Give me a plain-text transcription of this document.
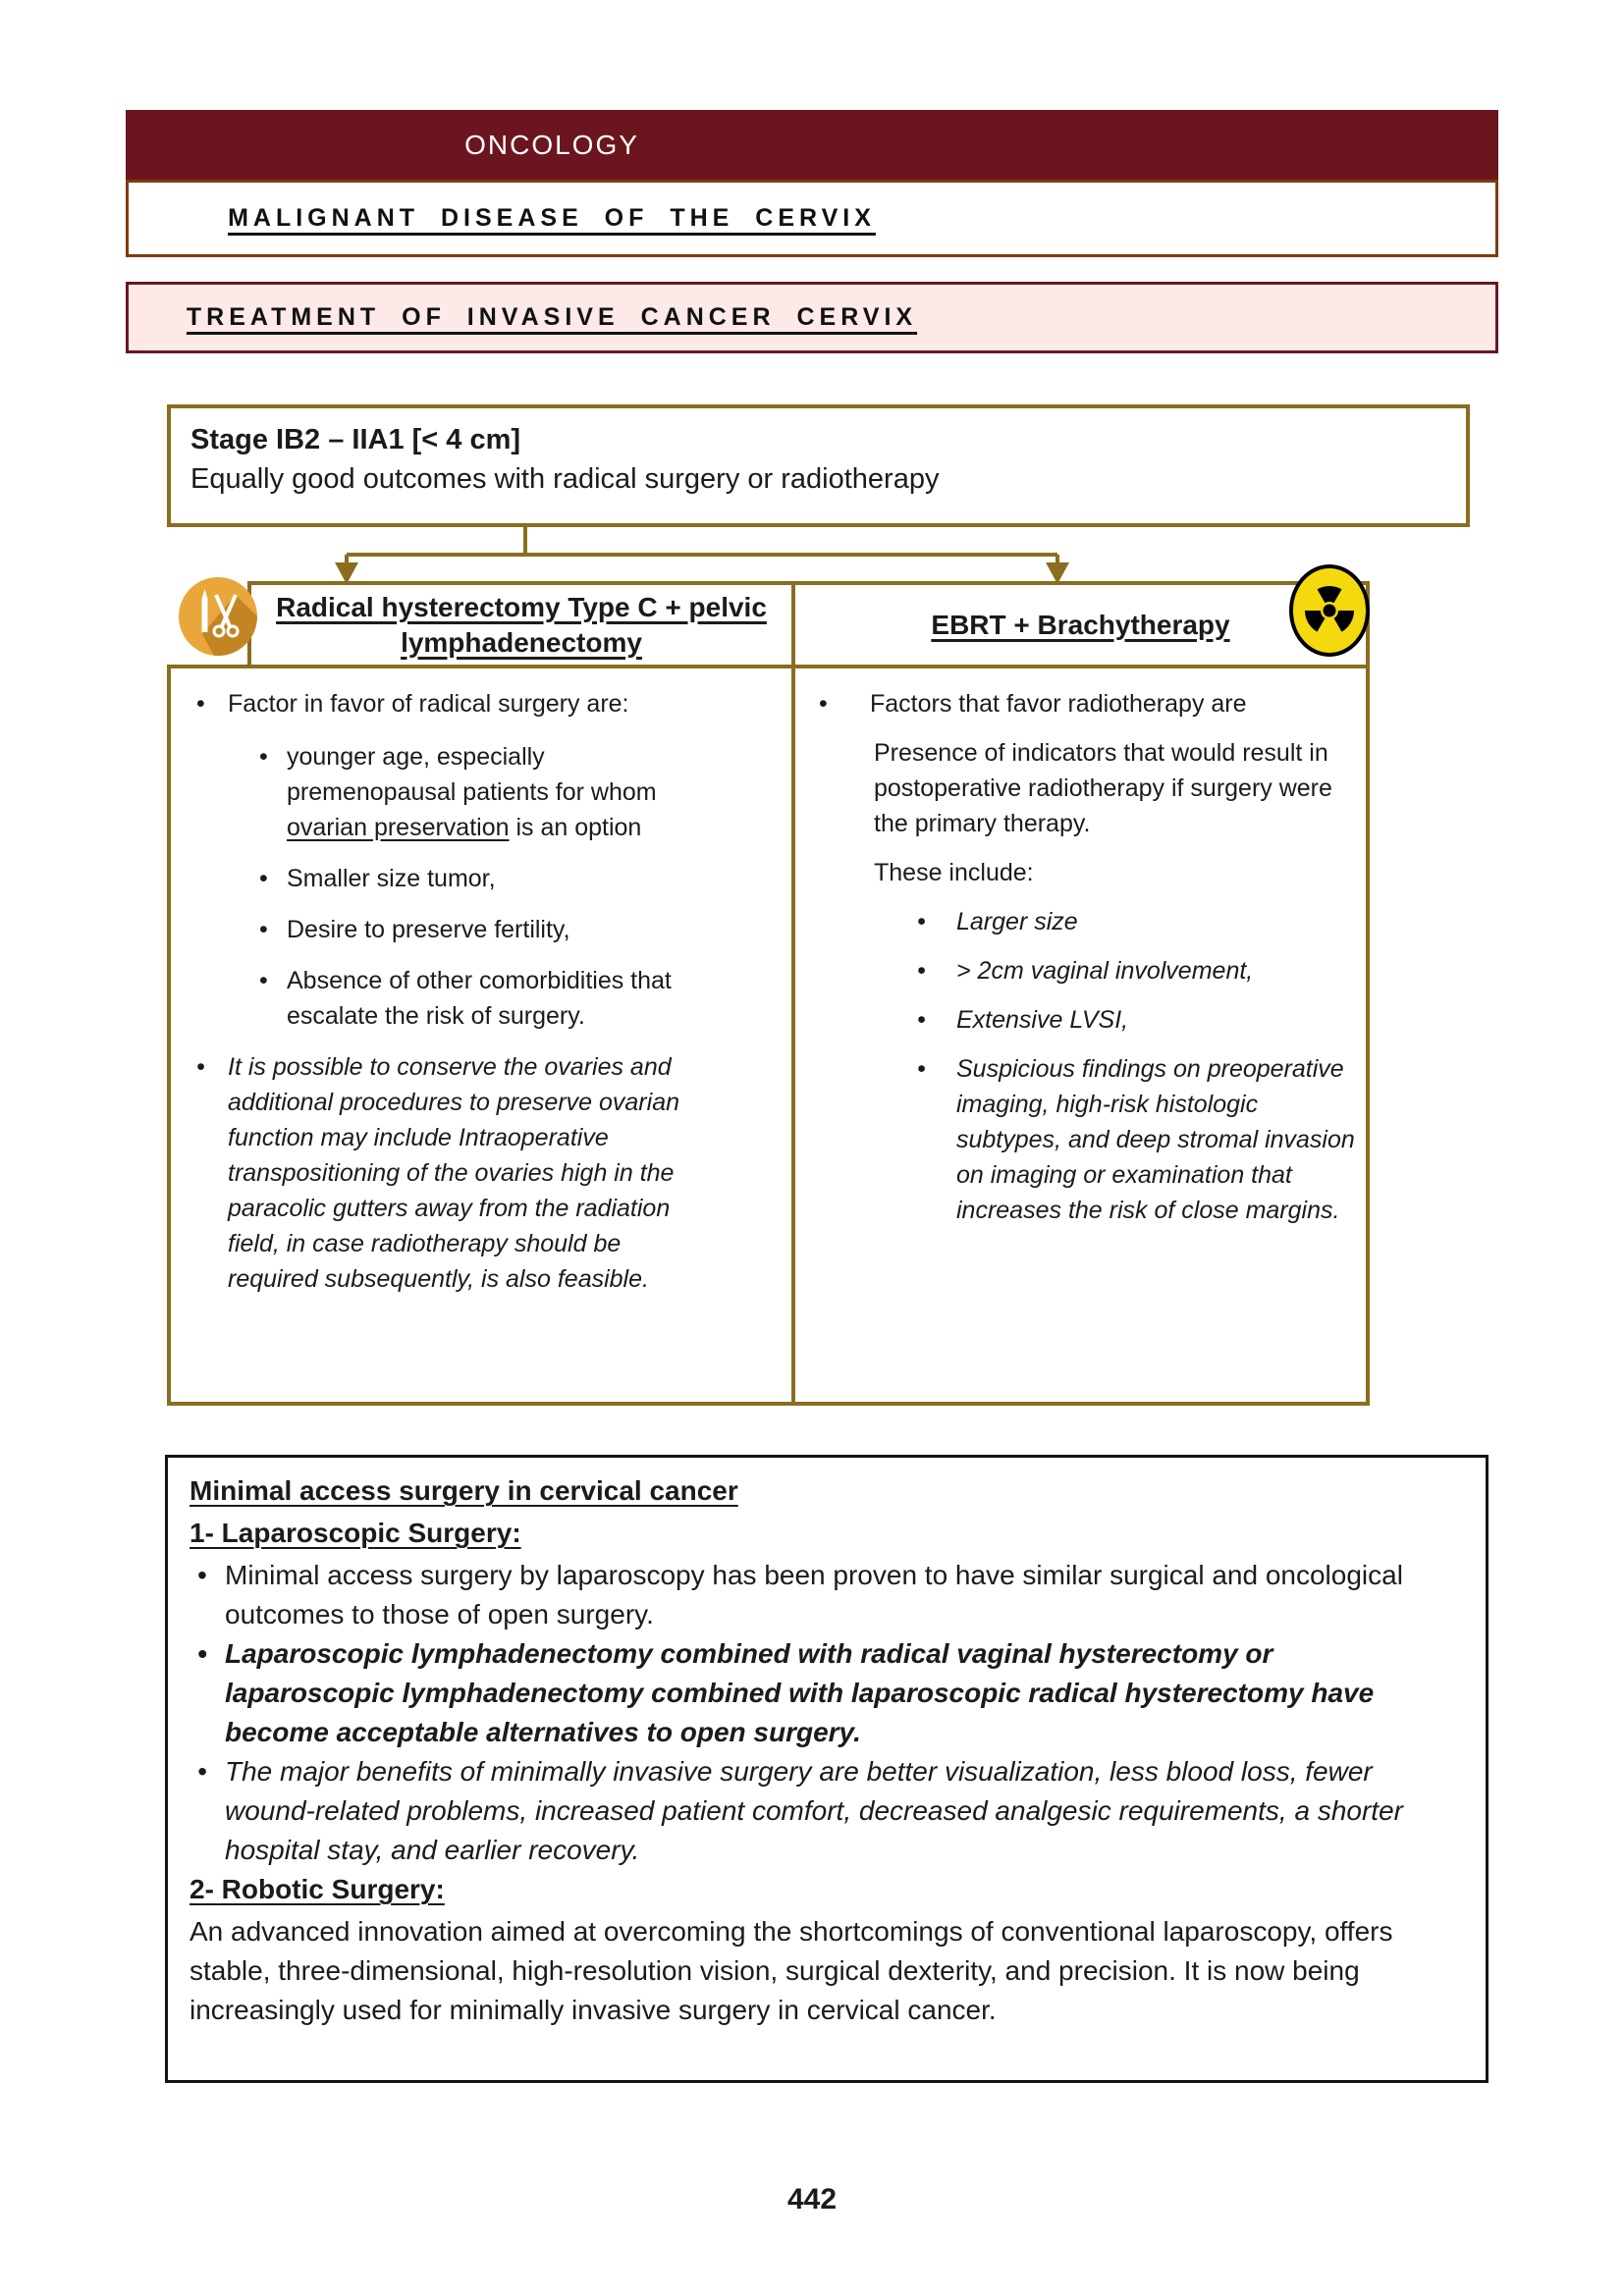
ONCOLOGY
MALIGNANT DISEASE OF THE CERVIX
TREATMENT OF INVASIVE CANCER CERVIX
Stage IB2 – IIA1 [< 4 cm]
Equally good outcomes with radical surgery or radiotherapy
Radical hysterectomy Type C + pelvic lymphadenectomy
•
Factor in favor of radical surgery are:
•
younger age, especially premenopausal patients for whom ovarian preservation is an option
•
Smaller size tumor,
•
Desire to preserve fertility,
•
Absence of other comorbidities that escalate the risk of surgery.
•
It is possible to conserve the ovaries and additional procedures to preserve ovarian function may include Intraoperative transpositioning of the ovaries high in the paracolic gutters away from the radiation field, in case radiotherapy should be required subsequently, is also feasible.
EBRT + Brachytherapy
•
Factors that favor radiotherapy are
Presence of indicators that would result in postoperative radiotherapy if surgery were the primary therapy.
These include:
•
Larger size
•
> 2cm vaginal involvement,
•
Extensive LVSI,
•
Suspicious findings on preoperative imaging, high-risk histologic subtypes, and deep stromal invasion on imaging or examination that increases the risk of close margins.
Minimal access surgery in cervical cancer
1- Laparoscopic Surgery:
•
Minimal access surgery by laparoscopy has been proven to have similar surgical and oncological outcomes to those of open surgery.
•
Laparoscopic lymphadenectomy combined with radical vaginal hysterectomy or laparoscopic lymphadenectomy combined with laparoscopic radical hysterectomy have become acceptable alternatives to open surgery.
•
The major benefits of minimally invasive surgery are better visualization, less blood loss, fewer wound-related problems, increased patient comfort, decreased analgesic requirements, a shorter hospital stay, and earlier recovery.
2- Robotic Surgery:
An advanced innovation aimed at overcoming the shortcomings of conventional laparoscopy, offers stable, three-dimensional, high-resolution vision, surgical dexterity, and precision. It is now being increasingly used for minimally invasive surgery in cervical cancer.
442
